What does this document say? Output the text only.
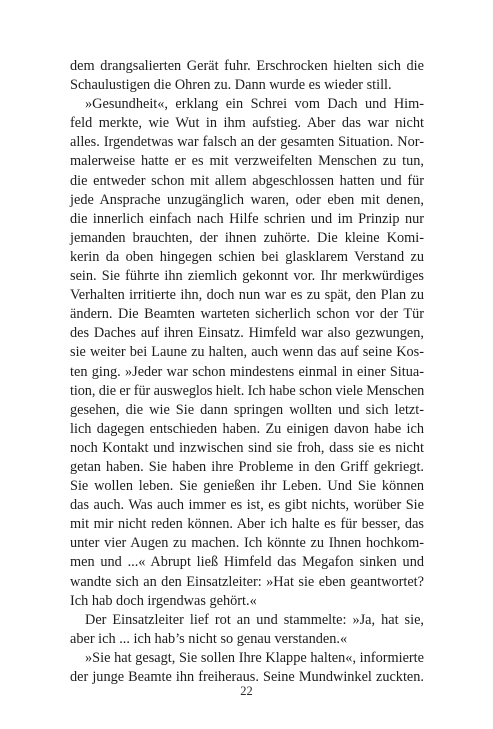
dem drangsalierten Gerät fuhr. Erschrocken hielten sich die
Schaulustigen die Ohren zu. Dann wurde es wieder still.
»Gesundheit«, erklang ein Schrei vom Dach und Him-
feld merkte, wie Wut in ihm aufstieg. Aber das war nicht
alles. Irgendetwas war falsch an der gesamten Situation. Nor-
malerweise hatte er es mit verzweifelten Menschen zu tun,
die entweder schon mit allem abgeschlossen hatten und für
jede Ansprache unzugänglich waren, oder eben mit denen,
die innerlich einfach nach Hilfe schrien und im Prinzip nur
jemanden brauchten, der ihnen zuhörte. Die kleine Komi-
kerin da oben hingegen schien bei glasklarem Verstand zu
sein. Sie führte ihn ziemlich gekonnt vor. Ihr merkwürdiges
Verhalten irritierte ihn, doch nun war es zu spät, den Plan zu
ändern. Die Beamten warteten sicherlich schon vor der Tür
des Daches auf ihren Einsatz. Himfeld war also gezwungen,
sie weiter bei Laune zu halten, auch wenn das auf seine Kos-
ten ging. »Jeder war schon mindestens einmal in einer Situa-
tion, die er für ausweglos hielt. Ich habe schon viele Menschen
gesehen, die wie Sie dann springen wollten und sich letzt-
lich dagegen entschieden haben. Zu einigen davon habe ich
noch Kontakt und inzwischen sind sie froh, dass sie es nicht
getan haben. Sie haben ihre Probleme in den Griff gekriegt.
Sie wollen leben. Sie genießen ihr Leben. Und Sie können
das auch. Was auch immer es ist, es gibt nichts, worüber Sie
mit mir nicht reden können. Aber ich halte es für besser, das
unter vier Augen zu machen. Ich könnte zu Ihnen hochkom-
men und ...« Abrupt ließ Himfeld das Megafon sinken und
wandte sich an den Einsatzleiter: »Hat sie eben geantwortet?
Ich hab doch irgendwas gehört.«
Der Einsatzleiter lief rot an und stammelte: »Ja, hat sie,
aber ich ... ich hab’s nicht so genau verstanden.«
»Sie hat gesagt, Sie sollen Ihre Klappe halten«, informierte
der junge Beamte ihn freiheraus. Seine Mundwinkel zuckten.
22
